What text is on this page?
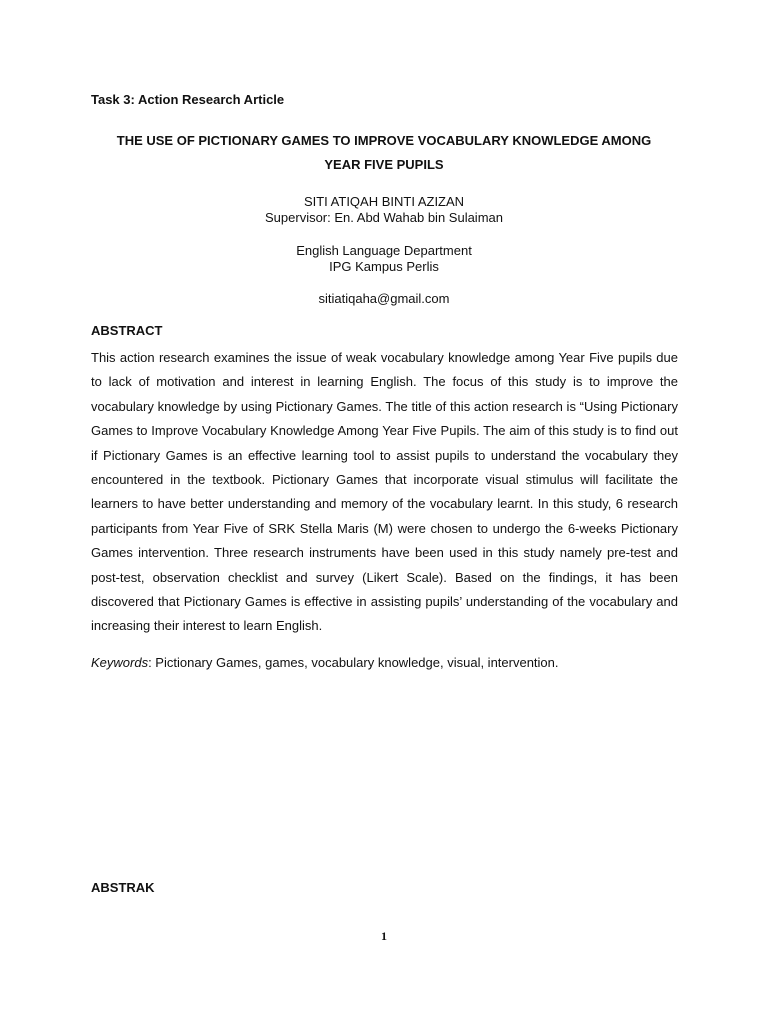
Task 3: Action Research Article
THE USE OF PICTIONARY GAMES TO IMPROVE VOCABULARY KNOWLEDGE AMONG
YEAR FIVE PUPILS
SITI ATIQAH BINTI AZIZAN
Supervisor: En. Abd Wahab bin Sulaiman
English Language Department
IPG Kampus Perlis
sitiatiqaha@gmail.com
ABSTRACT
This action research examines the issue of weak vocabulary knowledge among Year Five pupils due to lack of motivation and interest in learning English. The focus of this study is to improve the vocabulary knowledge by using Pictionary Games. The title of this action research is “Using Pictionary Games to Improve Vocabulary Knowledge Among Year Five Pupils. The aim of this study is to find out if Pictionary Games is an effective learning tool to assist pupils to understand the vocabulary they encountered in the textbook. Pictionary Games that incorporate visual stimulus will facilitate the learners to have better understanding and memory of the vocabulary learnt. In this study, 6 research participants from Year Five of SRK Stella Maris (M) were chosen to undergo the 6-weeks Pictionary Games intervention. Three research instruments have been used in this study namely pre-test and post-test, observation checklist and survey (Likert Scale). Based on the findings, it has been discovered that Pictionary Games is effective in assisting pupils’ understanding of the vocabulary and increasing their interest to learn English.
Keywords: Pictionary Games, games, vocabulary knowledge, visual, intervention.
ABSTRAK
1
